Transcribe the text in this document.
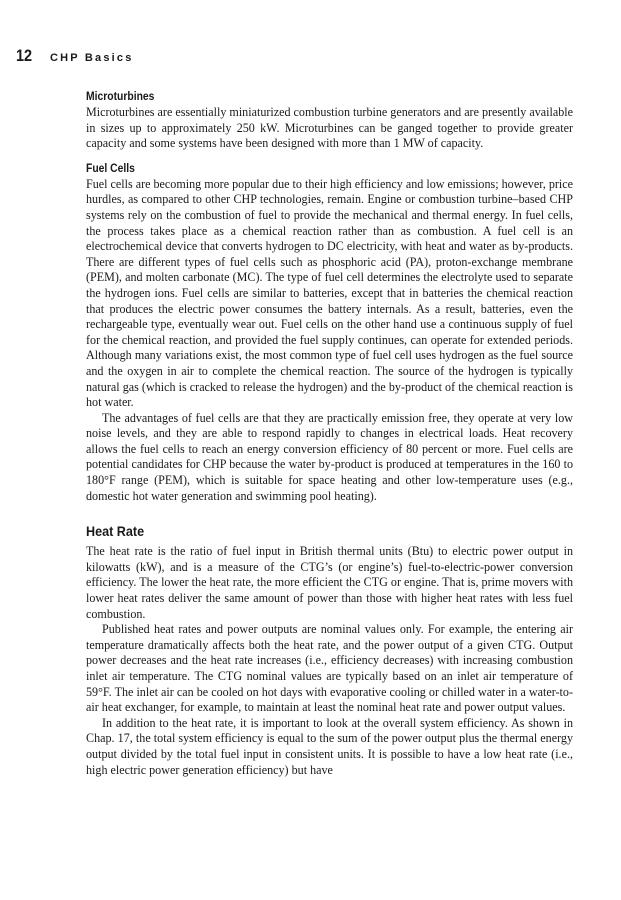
12	CHP Basics
Microturbines

Microturbines are essentially miniaturized combustion turbine generators and are presently available in sizes up to approximately 250 kW. Microturbines can be ganged together to provide greater capacity and some systems have been designed with more than 1 MW of capacity.

Fuel Cells

Fuel cells are becoming more popular due to their high efficiency and low emissions; however, price hurdles, as compared to other CHP technologies, remain. Engine or combustion turbine–based CHP systems rely on the combustion of fuel to provide the mechanical and thermal energy. In fuel cells, the process takes place as a chemical reaction rather than as combustion. A fuel cell is an electrochemical device that converts hydrogen to DC electricity, with heat and water as by-products. There are different types of fuel cells such as phosphoric acid (PA), proton-exchange membrane (PEM), and molten carbonate (MC). The type of fuel cell determines the electrolyte used to separate the hydrogen ions. Fuel cells are similar to batteries, except that in batteries the chemical reaction that produces the electric power consumes the battery internals. As a result, batteries, even the rechargeable type, eventually wear out. Fuel cells on the other hand use a continuous supply of fuel for the chemical reaction, and provided the fuel supply continues, can operate for extended periods. Although many variations exist, the most common type of fuel cell uses hydrogen as the fuel source and the oxygen in air to complete the chemical reaction. The source of the hydrogen is typically natural gas (which is cracked to release the hydrogen) and the by-product of the chemical reaction is hot water.

The advantages of fuel cells are that they are practically emission free, they operate at very low noise levels, and they are able to respond rapidly to changes in electrical loads. Heat recovery allows the fuel cells to reach an energy conversion efficiency of 80 percent or more. Fuel cells are potential candidates for CHP because the water by-product is produced at temperatures in the 160 to 180°F range (PEM), which is suitable for space heating and other low-temperature uses (e.g., domestic hot water generation and swimming pool heating).

Heat Rate

The heat rate is the ratio of fuel input in British thermal units (Btu) to electric power output in kilowatts (kW), and is a measure of the CTG’s (or engine’s) fuel-to-electric-power conversion efficiency. The lower the heat rate, the more efficient the CTG or engine. That is, prime movers with lower heat rates deliver the same amount of power than those with higher heat rates with less fuel combustion.

Published heat rates and power outputs are nominal values only. For example, the entering air temperature dramatically affects both the heat rate, and the power output of a given CTG. Output power decreases and the heat rate increases (i.e., efficiency decreases) with increasing combustion inlet air temperature. The CTG nominal values are typically based on an inlet air temperature of 59°F. The inlet air can be cooled on hot days with evaporative cooling or chilled water in a water-to-air heat exchanger, for example, to maintain at least the nominal heat rate and power output values.

In addition to the heat rate, it is important to look at the overall system efficiency. As shown in Chap. 17, the total system efficiency is equal to the sum of the power output plus the thermal energy output divided by the total fuel input in consistent units. It is possible to have a low heat rate (i.e., high electric power generation efficiency) but have
